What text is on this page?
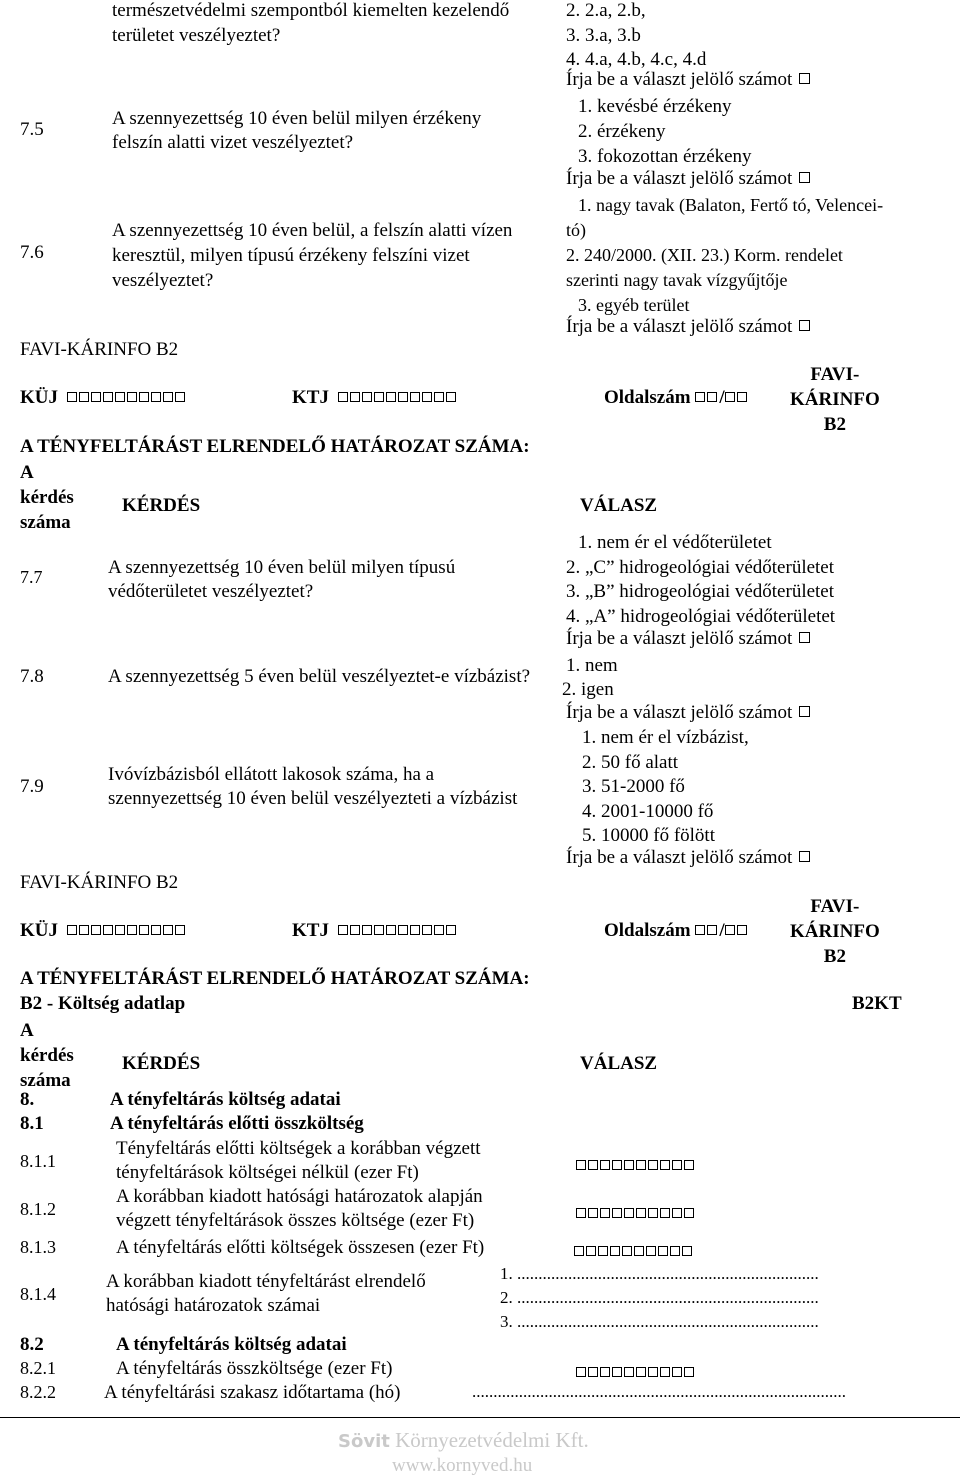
természetvédelmi szempontból kiemelten kezelendő
területet veszélyeztet?
2. 2.a, 2.b,
3. 3.a, 3.b
4. 4.a, 4.b, 4.c, 4.d
Írja be a választ jelölő számot
7.5
A szennyezettség 10 éven belül milyen érzékeny
felszín alatti vizet veszélyeztet?
1. kevésbé érzékeny
2. érzékeny
3. fokozottan érzékeny
Írja be a választ jelölő számot
7.6
A szennyezettség 10 éven belül, a felszín alatti vízen
keresztül, milyen típusú érzékeny felszíni vizet
veszélyeztet?
1. nagy tavak (Balaton, Fertő tó, Velencei-
tó)
2. 240/2000. (XII. 23.) Korm. rendelet
szerinti nagy tavak vízgyűjtője
3. egyéb terület
Írja be a választ jelölő számot
FAVI-KÁRINFO B2
KÜJ	KTJ	Oldalszám /
FAVI-
KÁRINFO
B2
A TÉNYFELTÁRÁST ELRENDELŐ HATÁROZAT SZÁMA:
A
kérdés
száma
KÉRDÉS	VÁLASZ
7.7	A szennyezettség 10 éven belül milyen típusú
védőterületet veszélyeztet?
1. nem ér el védőterületet
2. „C” hidrogeológiai védőterületet
3. „B” hidrogeológiai védőterületet
4. „A” hidrogeológiai védőterületet
Írja be a választ jelölő számot
7.8	A szennyezettség 5 éven belül veszélyeztet-e vízbázist?
1. nem
2. igen
Írja be a választ jelölő számot
7.9
Ivóvízbázisból ellátott lakosok száma, ha a
szennyezettség 10 éven belül veszélyezteti a vízbázist
1. nem ér el vízbázist,
2. 50 fő alatt
3. 51-2000 fő
4. 2001-10000 fő
5. 10000 fő fölött
Írja be a választ jelölő számot
FAVI-KÁRINFO B2
KÜJ	KTJ	Oldalszám /
FAVI-
KÁRINFO
B2
A TÉNYFELTÁRÁST ELRENDELŐ HATÁROZAT SZÁMA:
B2 - Költség adatlap	B2KT
A
kérdés
száma
KÉRDÉS	VÁLASZ
8.	A tényfeltárás költség adatai
8.1	A tényfeltárás előtti összköltség
8.1.1
Tényfeltárás előtti költségek a korábban végzett
tényfeltárások költségei nélkül (ezer Ft)
8.1.2
A korábban kiadott hatósági határozatok alapján
végzett tényfeltárások összes költsége (ezer Ft)
8.1.3	A tényfeltárás előtti költségek összesen (ezer Ft)
8.1.4
A korábban kiadott tényfeltárást elrendelő
hatósági határozatok számai
1. .......................................................................
2. .......................................................................
3. .......................................................................
8.2	A tényfeltárás költség adatai
8.2.1	A tényfeltárás összköltsége (ezer Ft)
8.2.2	A tényfeltárási szakasz időtartama (hó)	........................................................................................
Sövit Környezetvédelmi Kft.
www.kornyved.hu
